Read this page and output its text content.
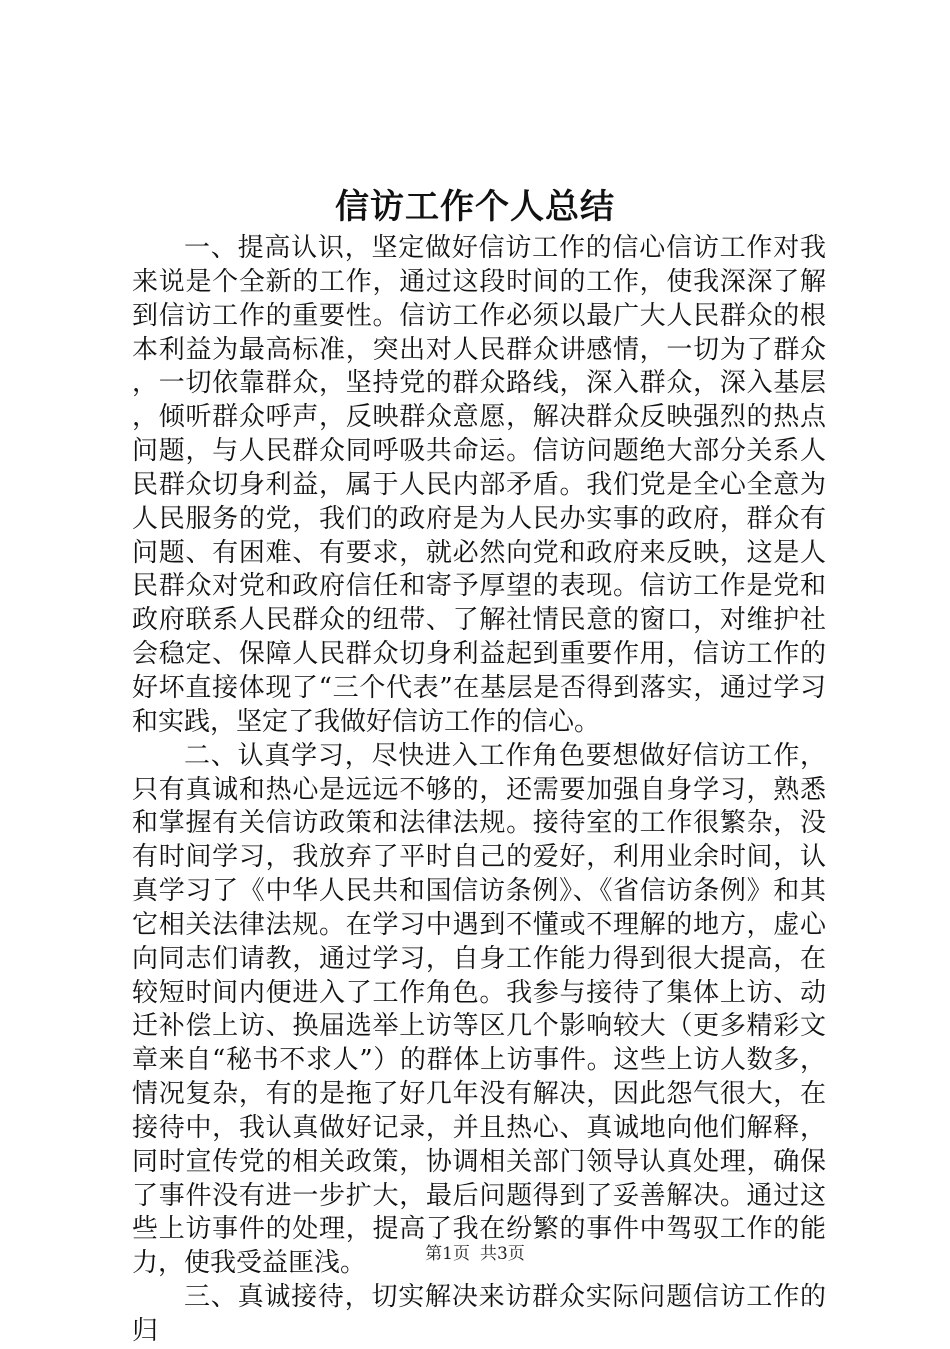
信访工作个人总结

一、提高认识，坚定做好信访工作的信心信访工作对我来说是个全新的工作，通过这段时间的工作，使我深深了解到信访工作的重要性。信访工作必须以最广大人民群众的根本利益为最高标准，突出对人民群众讲感情，一切为了群众，一切依靠群众，坚持党的群众路线，深入群众，深入基层，倾听群众呼声，反映群众意愿，解决群众反映强烈的热点问题，与人民群众同呼吸共命运。信访问题绝大部分关系人民群众切身利益，属于人民内部矛盾。我们党是全心全意为人民服务的党，我们的政府是为人民办实事的政府，群众有问题、有困难、有要求，就必然向党和政府来反映，这是人民群众对党和政府信任和寄予厚望的表现。信访工作是党和政府联系人民群众的纽带、了解社情民意的窗口，对维护社会稳定、保障人民群众切身利益起到重要作用，信访工作的好坏直接体现了“三个代表”在基层是否得到落实，通过学习和实践，坚定了我做好信访工作的信心。

二、认真学习，尽快进入工作角色要想做好信访工作，只有真诚和热心是远远不够的，还需要加强自身学习，熟悉和掌握有关信访政策和法律法规。接待室的工作很繁杂，没有时间学习，我放弃了平时自己的爱好，利用业余时间，认真学习了《中华人民共和国信访条例》、《省信访条例》和其它相关法律法规。在学习中遇到不懂或不理解的地方，虚心向同志们请教，通过学习，自身工作能力得到很大提高，在较短时间内便进入了工作角色。我参与接待了集体上访、动迁补偿上访、换届选举上访等区几个影响较大（更多精彩文章来自“秘书不求人”）的群体上访事件。这些上访人数多，情况复杂，有的是拖了好几年没有解决，因此怨气很大，在接待中，我认真做好记录，并且热心、真诚地向他们解释，同时宣传党的相关政策，协调相关部门领导认真处理，确保了事件没有进一步扩大，最后问题得到了妥善解决。通过这些上访事件的处理，提高了我在纷繁的事件中驾驭工作的能力，使我受益匪浅。

三、真诚接待，切实解决来访群众实际问题信访工作的归

第1页 共3页
